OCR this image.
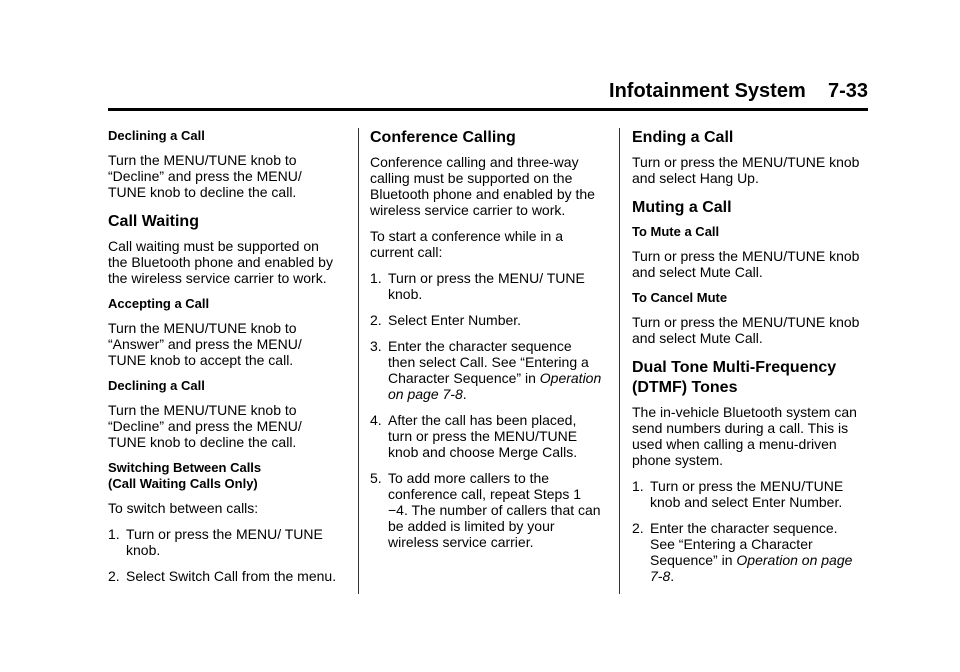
Infotainment System 7-33
Declining a Call
Turn the MENU/TUNE knob to “Decline” and press the MENU/ TUNE knob to decline the call.
Call Waiting
Call waiting must be supported on the Bluetooth phone and enabled by the wireless service carrier to work.
Accepting a Call
Turn the MENU/TUNE knob to “Answer” and press the MENU/ TUNE knob to accept the call.
Declining a Call
Turn the MENU/TUNE knob to “Decline” and press the MENU/ TUNE knob to decline the call.
Switching Between Calls
(Call Waiting Calls Only)
To switch between calls:
1. Turn or press the MENU/ TUNE knob.
2. Select Switch Call from the menu.
Conference Calling
Conference calling and three-way calling must be supported on the Bluetooth phone and enabled by the wireless service carrier to work.
To start a conference while in a current call:
1. Turn or press the MENU/ TUNE knob.
2. Select Enter Number.
3. Enter the character sequence then select Call. See “Entering a Character Sequence” in Operation on page 7-8.
4. After the call has been placed, turn or press the MENU/TUNE knob and choose Merge Calls.
5. To add more callers to the conference call, repeat Steps 1 −4. The number of callers that can be added is limited by your wireless service carrier.
Ending a Call
Turn or press the MENU/TUNE knob and select Hang Up.
Muting a Call
To Mute a Call
Turn or press the MENU/TUNE knob and select Mute Call.
To Cancel Mute
Turn or press the MENU/TUNE knob and select Mute Call.
Dual Tone Multi-Frequency (DTMF) Tones
The in-vehicle Bluetooth system can send numbers during a call. This is used when calling a menu-driven phone system.
1. Turn or press the MENU/TUNE knob and select Enter Number.
2. Enter the character sequence. See “Entering a Character Sequence” in Operation on page 7-8.
